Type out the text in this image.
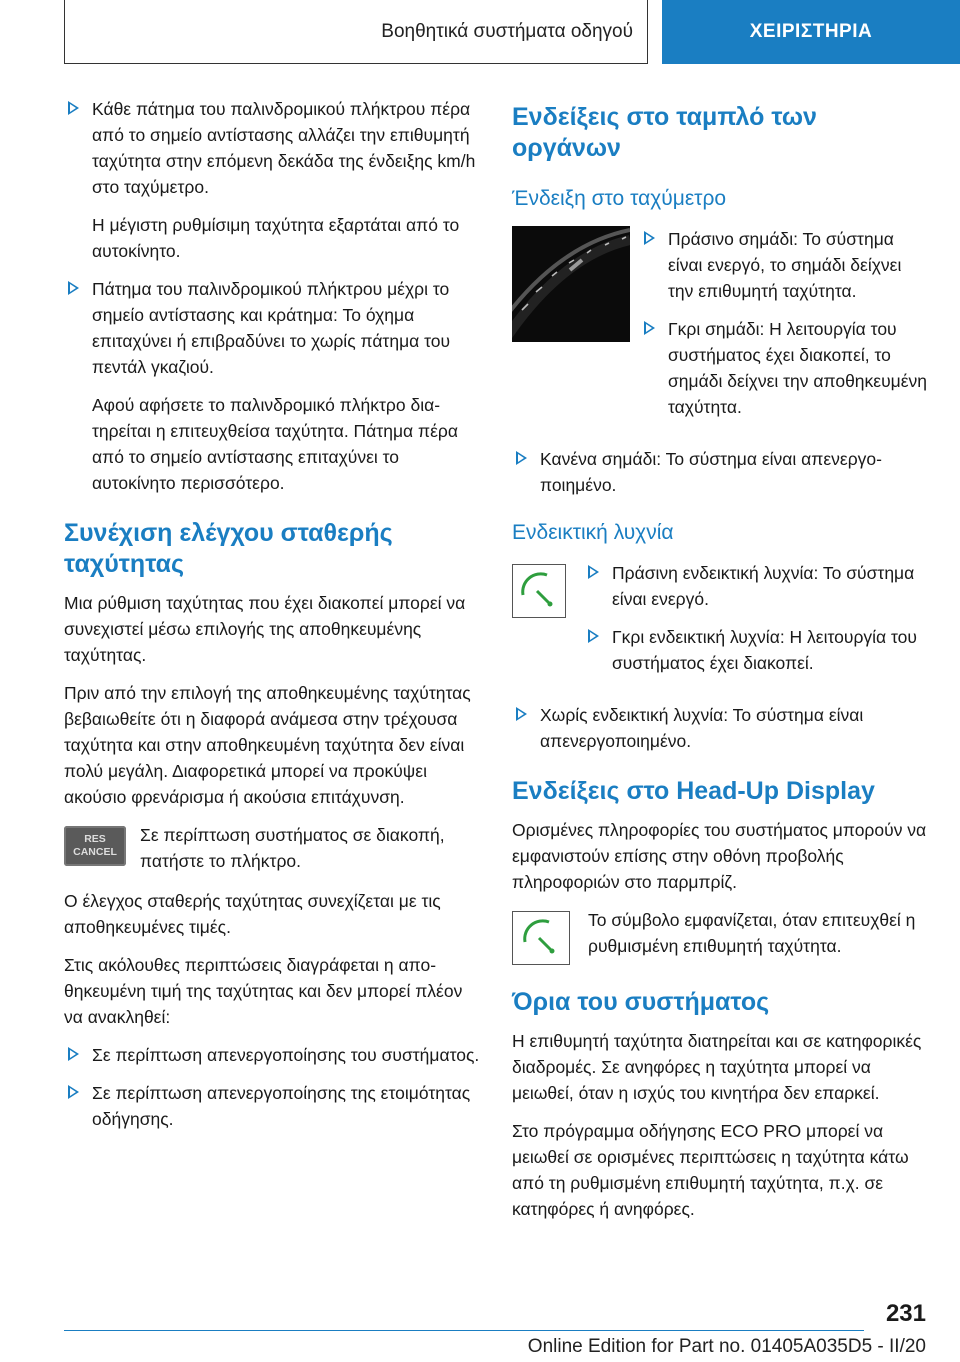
Βοηθητικά συστήματα οδηγού	ΧΕΙΡΙΣΤΗΡΙΑ
Κάθε πάτημα του παλινδρομικού πλήκτρου πέρα από το σημείο αντίστασης αλλάζει την επιθυμητή ταχύτητα στην επόμενη δεκάδα της ένδειξης km/h στο ταχύμετρο.

Η μέγιστη ρυθμίσιμη ταχύτητα εξαρτάται από το αυτοκίνητο.

Πάτημα του παλινδρομικού πλήκτρου μέχρι το σημείο αντίστασης και κράτημα: Το όχημα επιταχύνει ή επιβραδύνει το χωρίς πάτημα του πεντάλ γκαζιού.

Αφού αφήσετε το παλινδρομικό πλήκτρο διατηρείται η επιτευχθείσα ταχύτητα. Πάτημα πέρα από το σημείο αντίστασης επιταχύνει το αυτοκίνητο περισσότερο.

Συνέχιση ελέγχου σταθερής ταχύτητας

Μια ρύθμιση ταχύτητας που έχει διακοπεί μπορεί να συνεχιστεί μέσω επιλογής της αποθηκευμένης ταχύτητας.

Πριν από την επιλογή της αποθηκευμένης ταχύτητας βεβαιωθείτε ότι η διαφορά ανάμεσα στην τρέχουσα ταχύτητα και στην αποθηκευμένη ταχύτητα δεν είναι πολύ μεγάλη. Διαφορετικά μπορεί να προκύψει ακούσιο φρενάρισμα ή ακούσια επιτάχυνση.

RES
CANCEL

Σε περίπτωση συστήματος σε διακοπή, πατήστε το πλήκτρο.

Ο έλεγχος σταθερής ταχύτητας συνεχίζεται με τις αποθηκευμένες τιμές.

Στις ακόλουθες περιπτώσεις διαγράφεται η αποθηκευμένη τιμή της ταχύτητας και δεν μπορεί πλέον να ανακληθεί:

Σε περίπτωση απενεργοποίησης του συστήματος.
Σε περίπτωση απενεργοποίησης της ετοιμότητας οδήγησης.
Ενδείξεις στο ταμπλό των οργάνων
Ένδειξη στο ταχύμετρο
Πράσινο σημάδι: Το σύστημα είναι ενεργό, το σημάδι δείχνει την επιθυμητή ταχύτητα.
Γκρι σημάδι: Η λειτουργία του συστήματος έχει διακοπεί, το σημάδι δείχνει την αποθηκευμένη ταχύτητα.
Κανένα σημάδι: Το σύστημα είναι απενεργοποιημένο.
Ενδεικτική λυχνία
Πράσινη ενδεικτική λυχνία: Το σύστημα είναι ενεργό.
Γκρι ενδεικτική λυχνία: Η λειτουργία του συστήματος έχει διακοπεί.
Χωρίς ενδεικτική λυχνία: Το σύστημα είναι απενεργοποιημένο.
Ενδείξεις στο Head-Up Display

Ορισμένες πληροφορίες του συστήματος μπορούν να εμφανιστούν επίσης στην οθόνη προβολής πληροφοριών στο παρμπρίζ.

Το σύμβολο εμφανίζεται, όταν επιτευχθεί η ρυθμισμένη επιθυμητή ταχύτητα.

Όρια του συστήματος

Η επιθυμητή ταχύτητα διατηρείται και σε κατηφορικές διαδρομές. Σε ανηφόρες η ταχύτητα μπορεί να μειωθεί, όταν η ισχύς του κινητήρα δεν επαρκεί.

Στο πρόγραμμα οδήγησης ECO PRO μπορεί να μειωθεί σε ορισμένες περιπτώσεις η ταχύτητα κάτω από τη ρυθμισμένη επιθυμητή ταχύτητα, π.χ. σε κατηφόρες ή ανηφόρες.

231
Online Edition for Part no. 01405A035D5 - II/20
